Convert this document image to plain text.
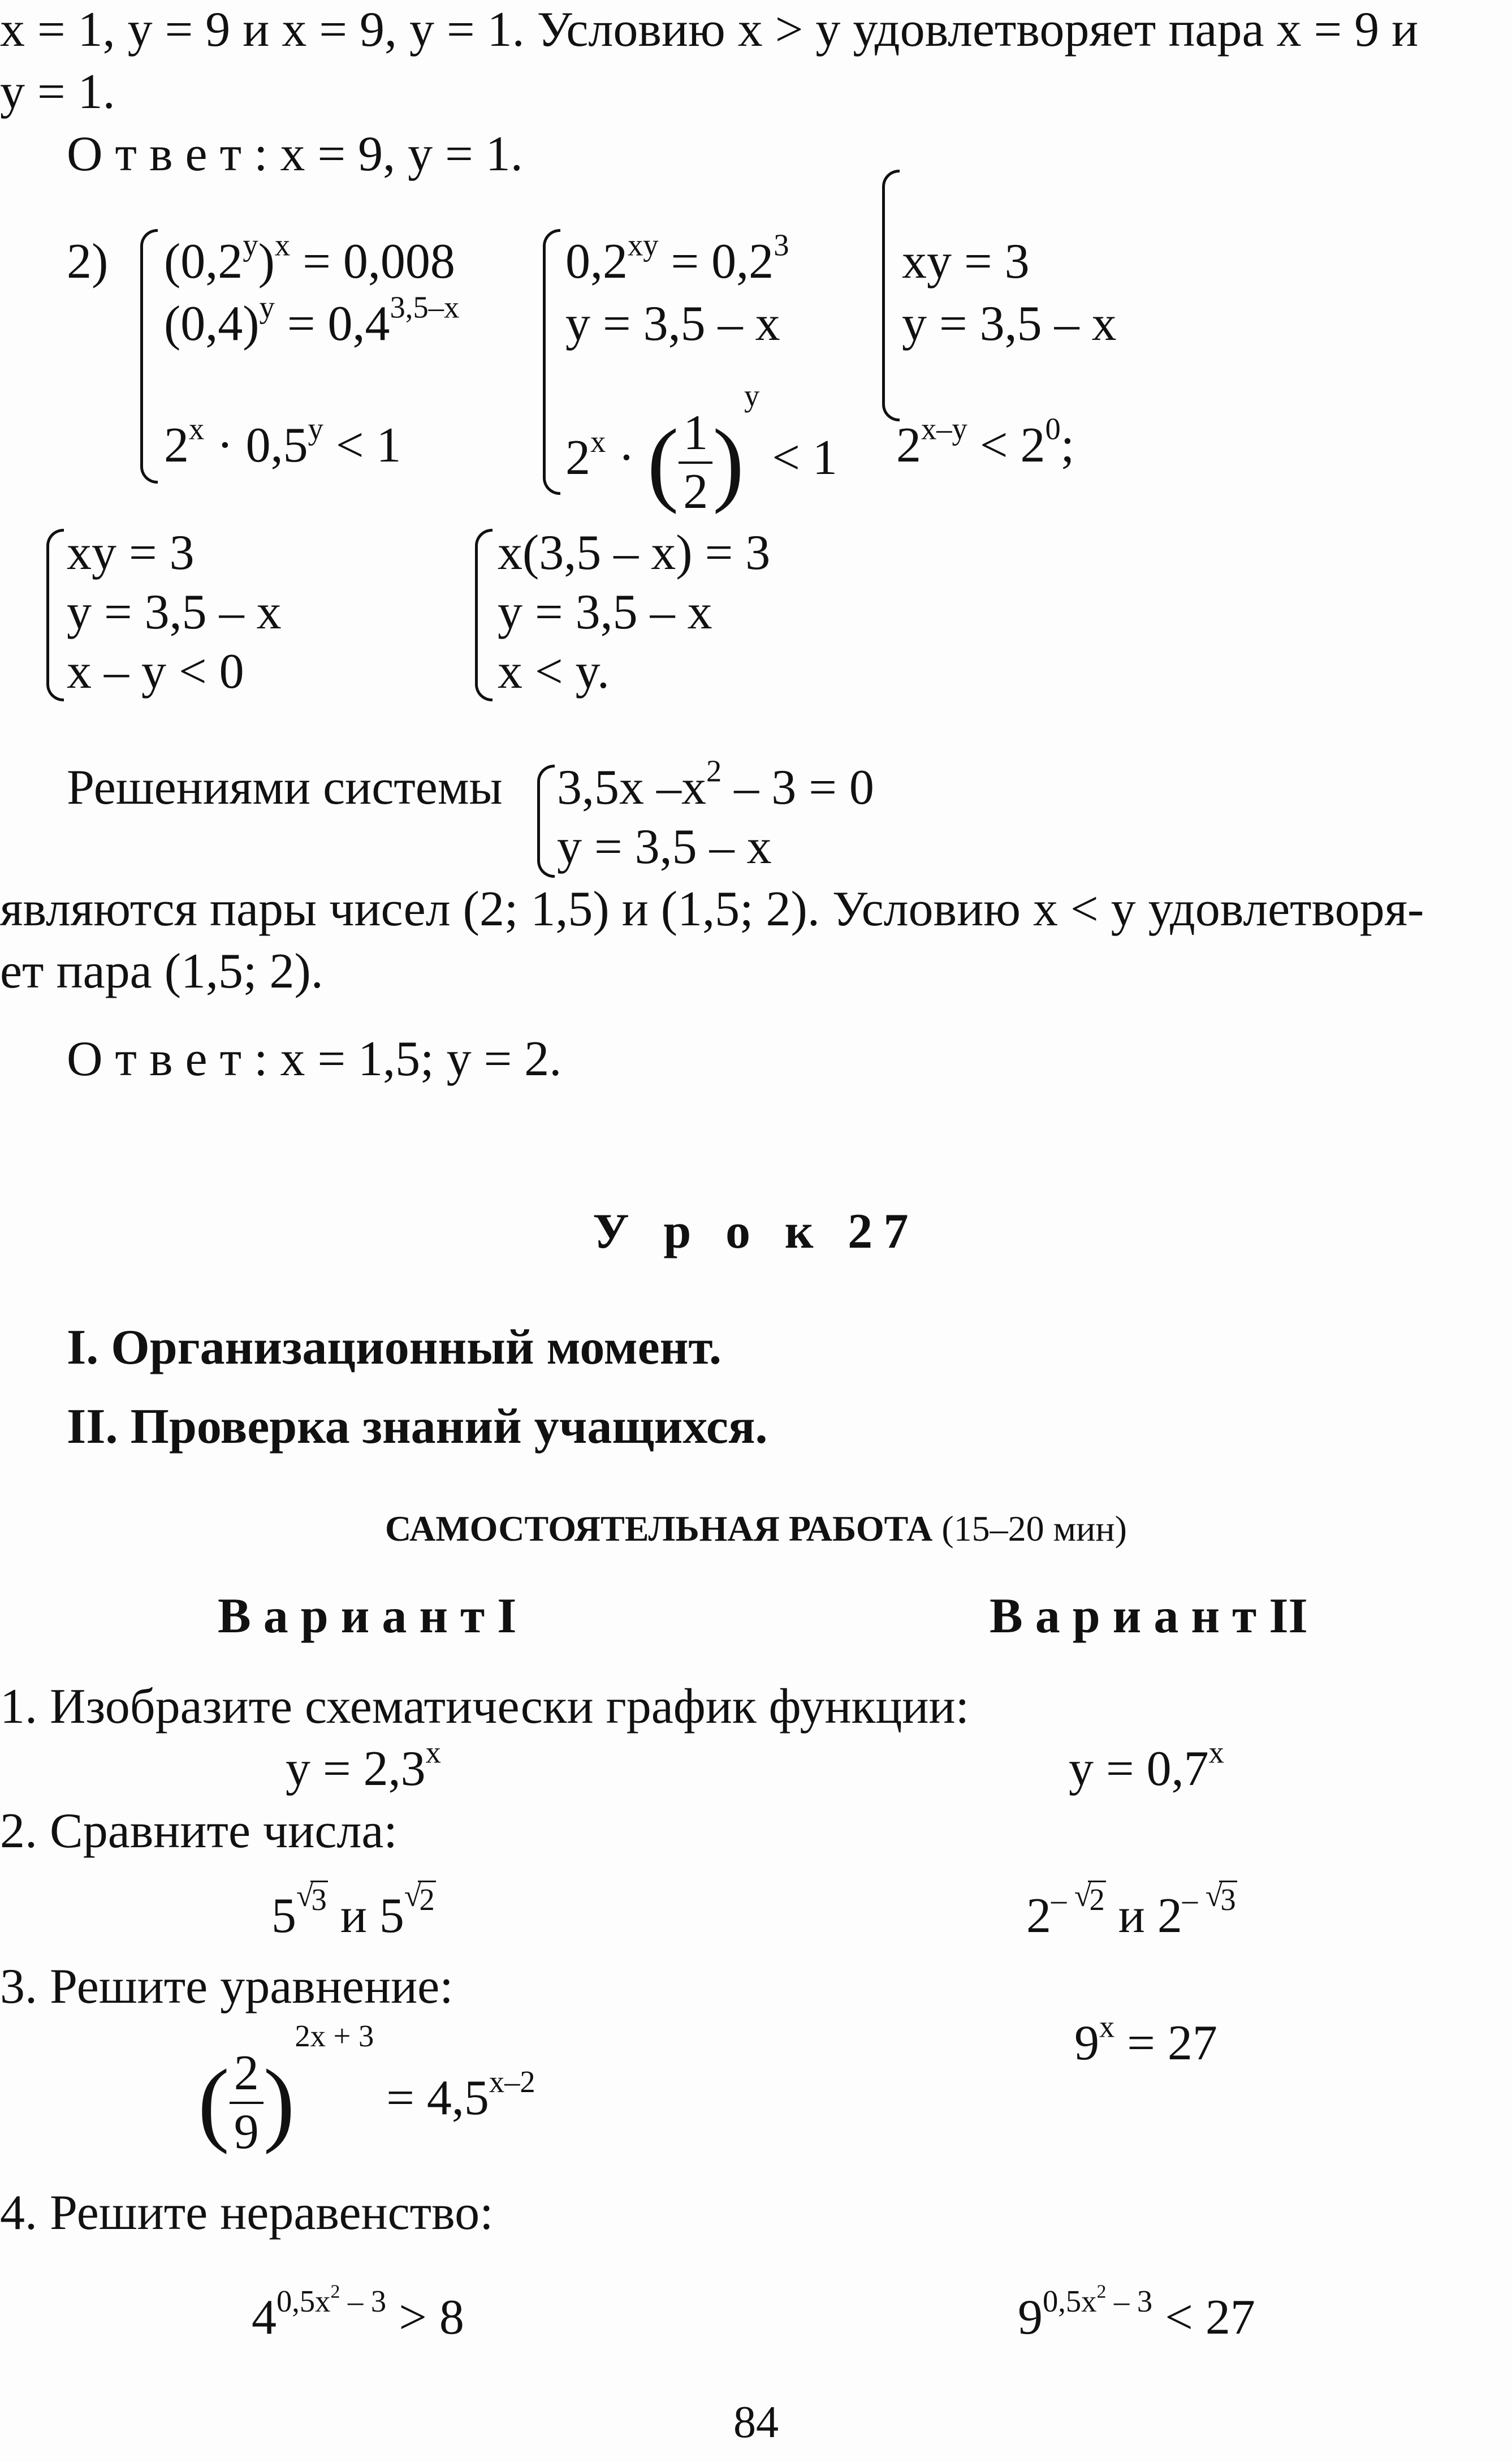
x = 1, y = 9 и x = 9, y = 1. Условию x > y удовлетворяет пара x = 9 и
y = 1.
О т в е т : x = 9, y = 1.
2) $(0,2^y)^x = 0,008$
$(0,4)^y = 0,4^{3,5-x}$
$2^x \cdot 0,5^y < 1$
$0,2^{xy} = 0,2^3$
y = 3,5 – x
$2^x$ · ( $\frac{1}{2} )^y < 1$
xy = 3
y = 3,5 – x
$2^{x-y} < 2^0$;
xy = 3
y = 3,5 – x
x – y < 0
x(3,5 – x) = 3
y = 3,5 – x
x < y.
Решениями системы 3,5x $-x^2 - 3 = 0$
y = 3,5 – x
являются пары чисел (2; 1,5) и (1,5; 2). Условию x < y удовлетворя-
ет пара (1,5; 2).
О т в е т : x = 1,5; y = 2.
У р о к 27
I. Организационный момент.
II. Проверка знаний учащихся.
САМОСТОЯТЕЛЬНАЯ РАБОТА (15–20 мин)
В а р и а н т I	В а р и а н т II
1. Изобразите схематически график функции:
$y = 2,3^x$	$y = 0,7^x$
2. Сравните числа:
5 $^3$ и 5 $^2$	$2^{- 2}$ и $2^{- 3}$
3. Решите уравнение:
( $\frac{2}{9} )^{2x + 3} = 4,5^{x-2}$
$9^x = 27$
4. Решите неравенство:
$4^{0,5x^2 - 3} > 8$	$9^{0,5x^2 - 3} < 27$
84
